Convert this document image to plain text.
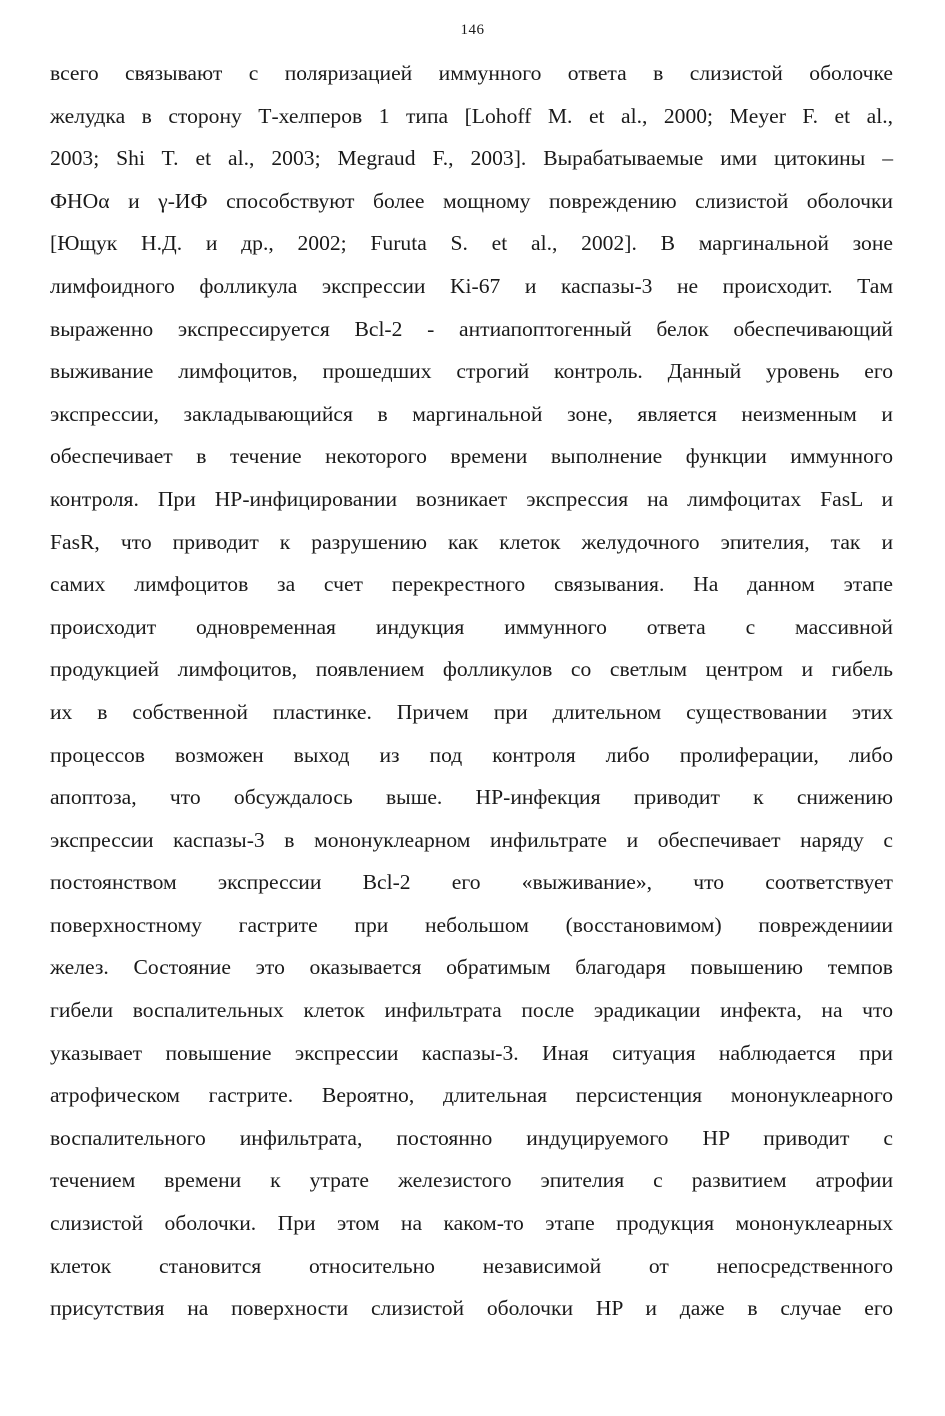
146
всего связывают с поляризацией иммунного ответа в слизистой оболочке
желудка в сторону Т-хелперов 1 типа [Lohoff M. et al., 2000; Meyer F. et al.,
2003; Shi T. et al., 2003; Megraud F., 2003]. Вырабатываемые ими цитокины –
ФНОα и γ-ИФ способствуют более мощному повреждению слизистой оболочки
[Ющук Н.Д. и др., 2002; Furuta S. et al., 2002]. В маргинальной зоне
лимфоидного фолликула экспрессии Ki-67 и каспазы-3 не происходит. Там
выраженно экспрессируется Bcl-2 - антиапоптогенный белок обеспечивающий
выживание лимфоцитов, прошедших строгий контроль. Данный уровень его
экспрессии, закладывающийся в маргинальной зоне, является неизменным и
обеспечивает в течение некоторого времени выполнение функции иммунного
контроля. При HP-инфицировании возникает экспрессия на лимфоцитах FasL и
FasR, что приводит к разрушению как клеток желудочного эпителия, так и
самих лимфоцитов за счет перекрестного связывания. На данном этапе
происходит одновременная индукция иммунного ответа с массивной
продукцией лимфоцитов, появлением фолликулов со светлым центром и гибель
их в собственной пластинке. Причем при длительном существовании этих
процессов возможен выход из под контроля либо пролиферации, либо
апоптоза, что обсуждалось выше. HP-инфекция приводит к снижению
экспрессии каспазы-3 в мононуклеарном инфильтрате и обеспечивает наряду с
постоянством экспрессии Bcl-2 его «выживание», что соответствует
поверхностному гастрите при небольшом (восстановимом) повреждениии
желез. Состояние это оказывается обратимым благодаря повышению темпов
гибели воспалительных клеток инфильтрата после эрадикации инфекта, на что
указывает повышение экспрессии каспазы-3. Иная ситуация наблюдается при
атрофическом гастрите. Вероятно, длительная персистенция мононуклеарного
воспалительного инфильтрата, постоянно индуцируемого HP приводит с
течением времени к утрате железистого эпителия с развитием атрофии
слизистой оболочки. При этом на каком-то этапе продукция мононуклеарных
клеток становится относительно независимой от непосредственного
присутствия на поверхности слизистой оболочки HP и даже в случае его
